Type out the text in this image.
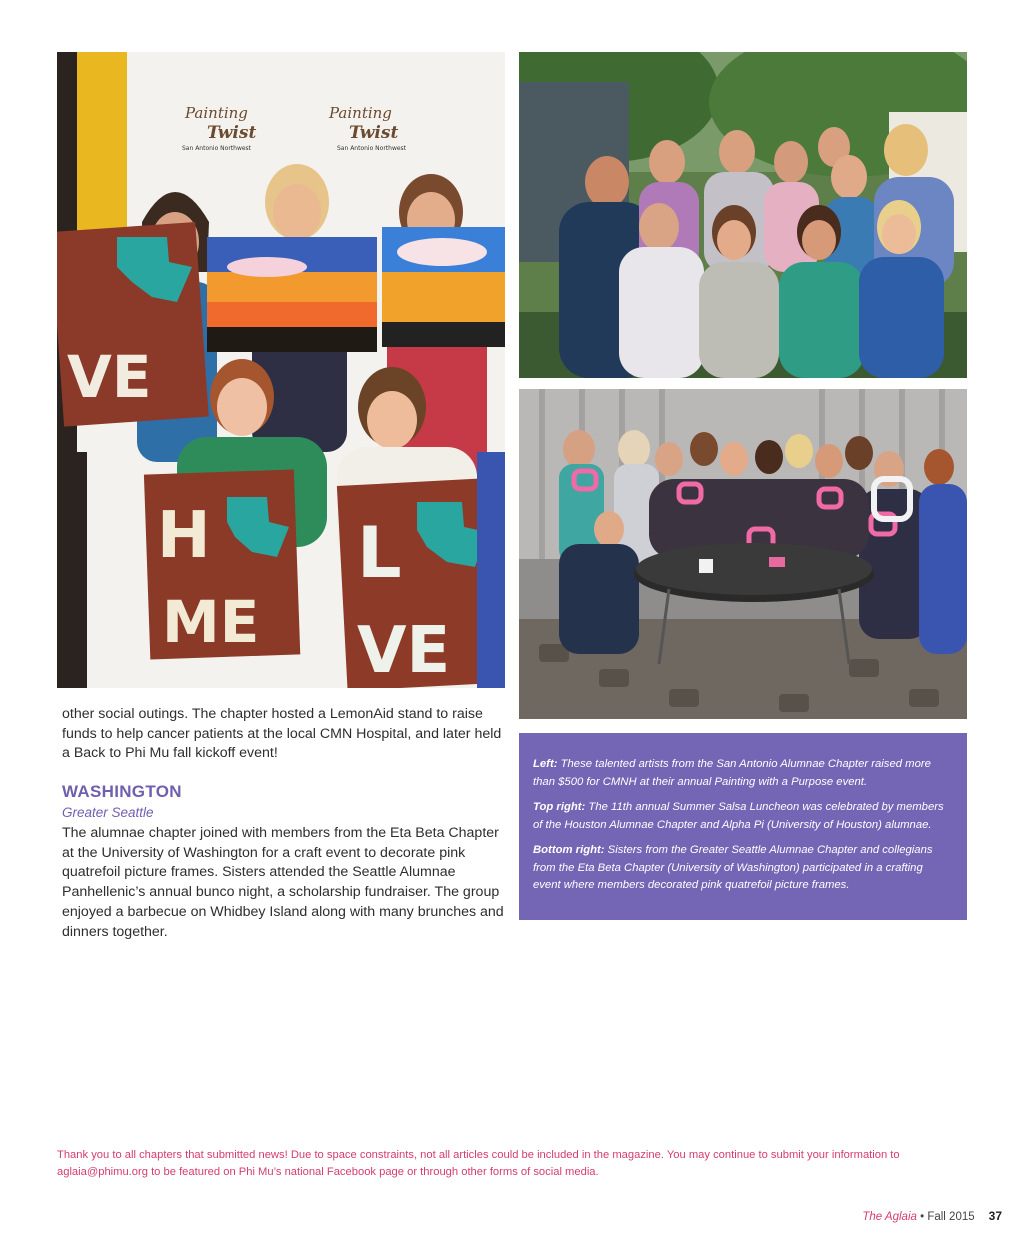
Painting
Twist
Painting
Twist
San Antonio Northwest	San Antonio Northwest
VE
H
ME
L
VE
other social outings. The chapter hosted a LemonAid stand to raise funds to help cancer patients at the local CMN Hospital, and later held a Back to Phi Mu fall kickoff event!
WASHINGTON
Greater Seattle
The alumnae chapter joined with members from the Eta Beta Chapter at the University of Washington for a craft event to decorate pink quatrefoil picture frames. Sisters attended the Seattle Alumnae Panhellenic’s annual bunco night, a scholarship fundraiser. The group enjoyed a barbecue on Whidbey Island along with many brunches and dinners together.
Left: These talented artists from the San Antonio Alumnae Chapter raised more than $500 for CMNH at their annual Painting with a Purpose event.
Top right: The 11th annual Summer Salsa Luncheon was celebrated by members of the Houston Alumnae Chapter and Alpha Pi (University of Houston) alumnae.
Bottom right: Sisters from the Greater Seattle Alumnae Chapter and collegians from the Eta Beta Chapter (University of Washington) participated in a crafting event where members decorated pink quatrefoil picture frames.
Thank you to all chapters that submitted news! Due to space constraints, not all articles could be included in the magazine. You may continue to submit your information to aglaia@phimu.org to be featured on Phi Mu’s national Facebook page or through other forms of social media.
The Aglaia • Fall 2015 37
